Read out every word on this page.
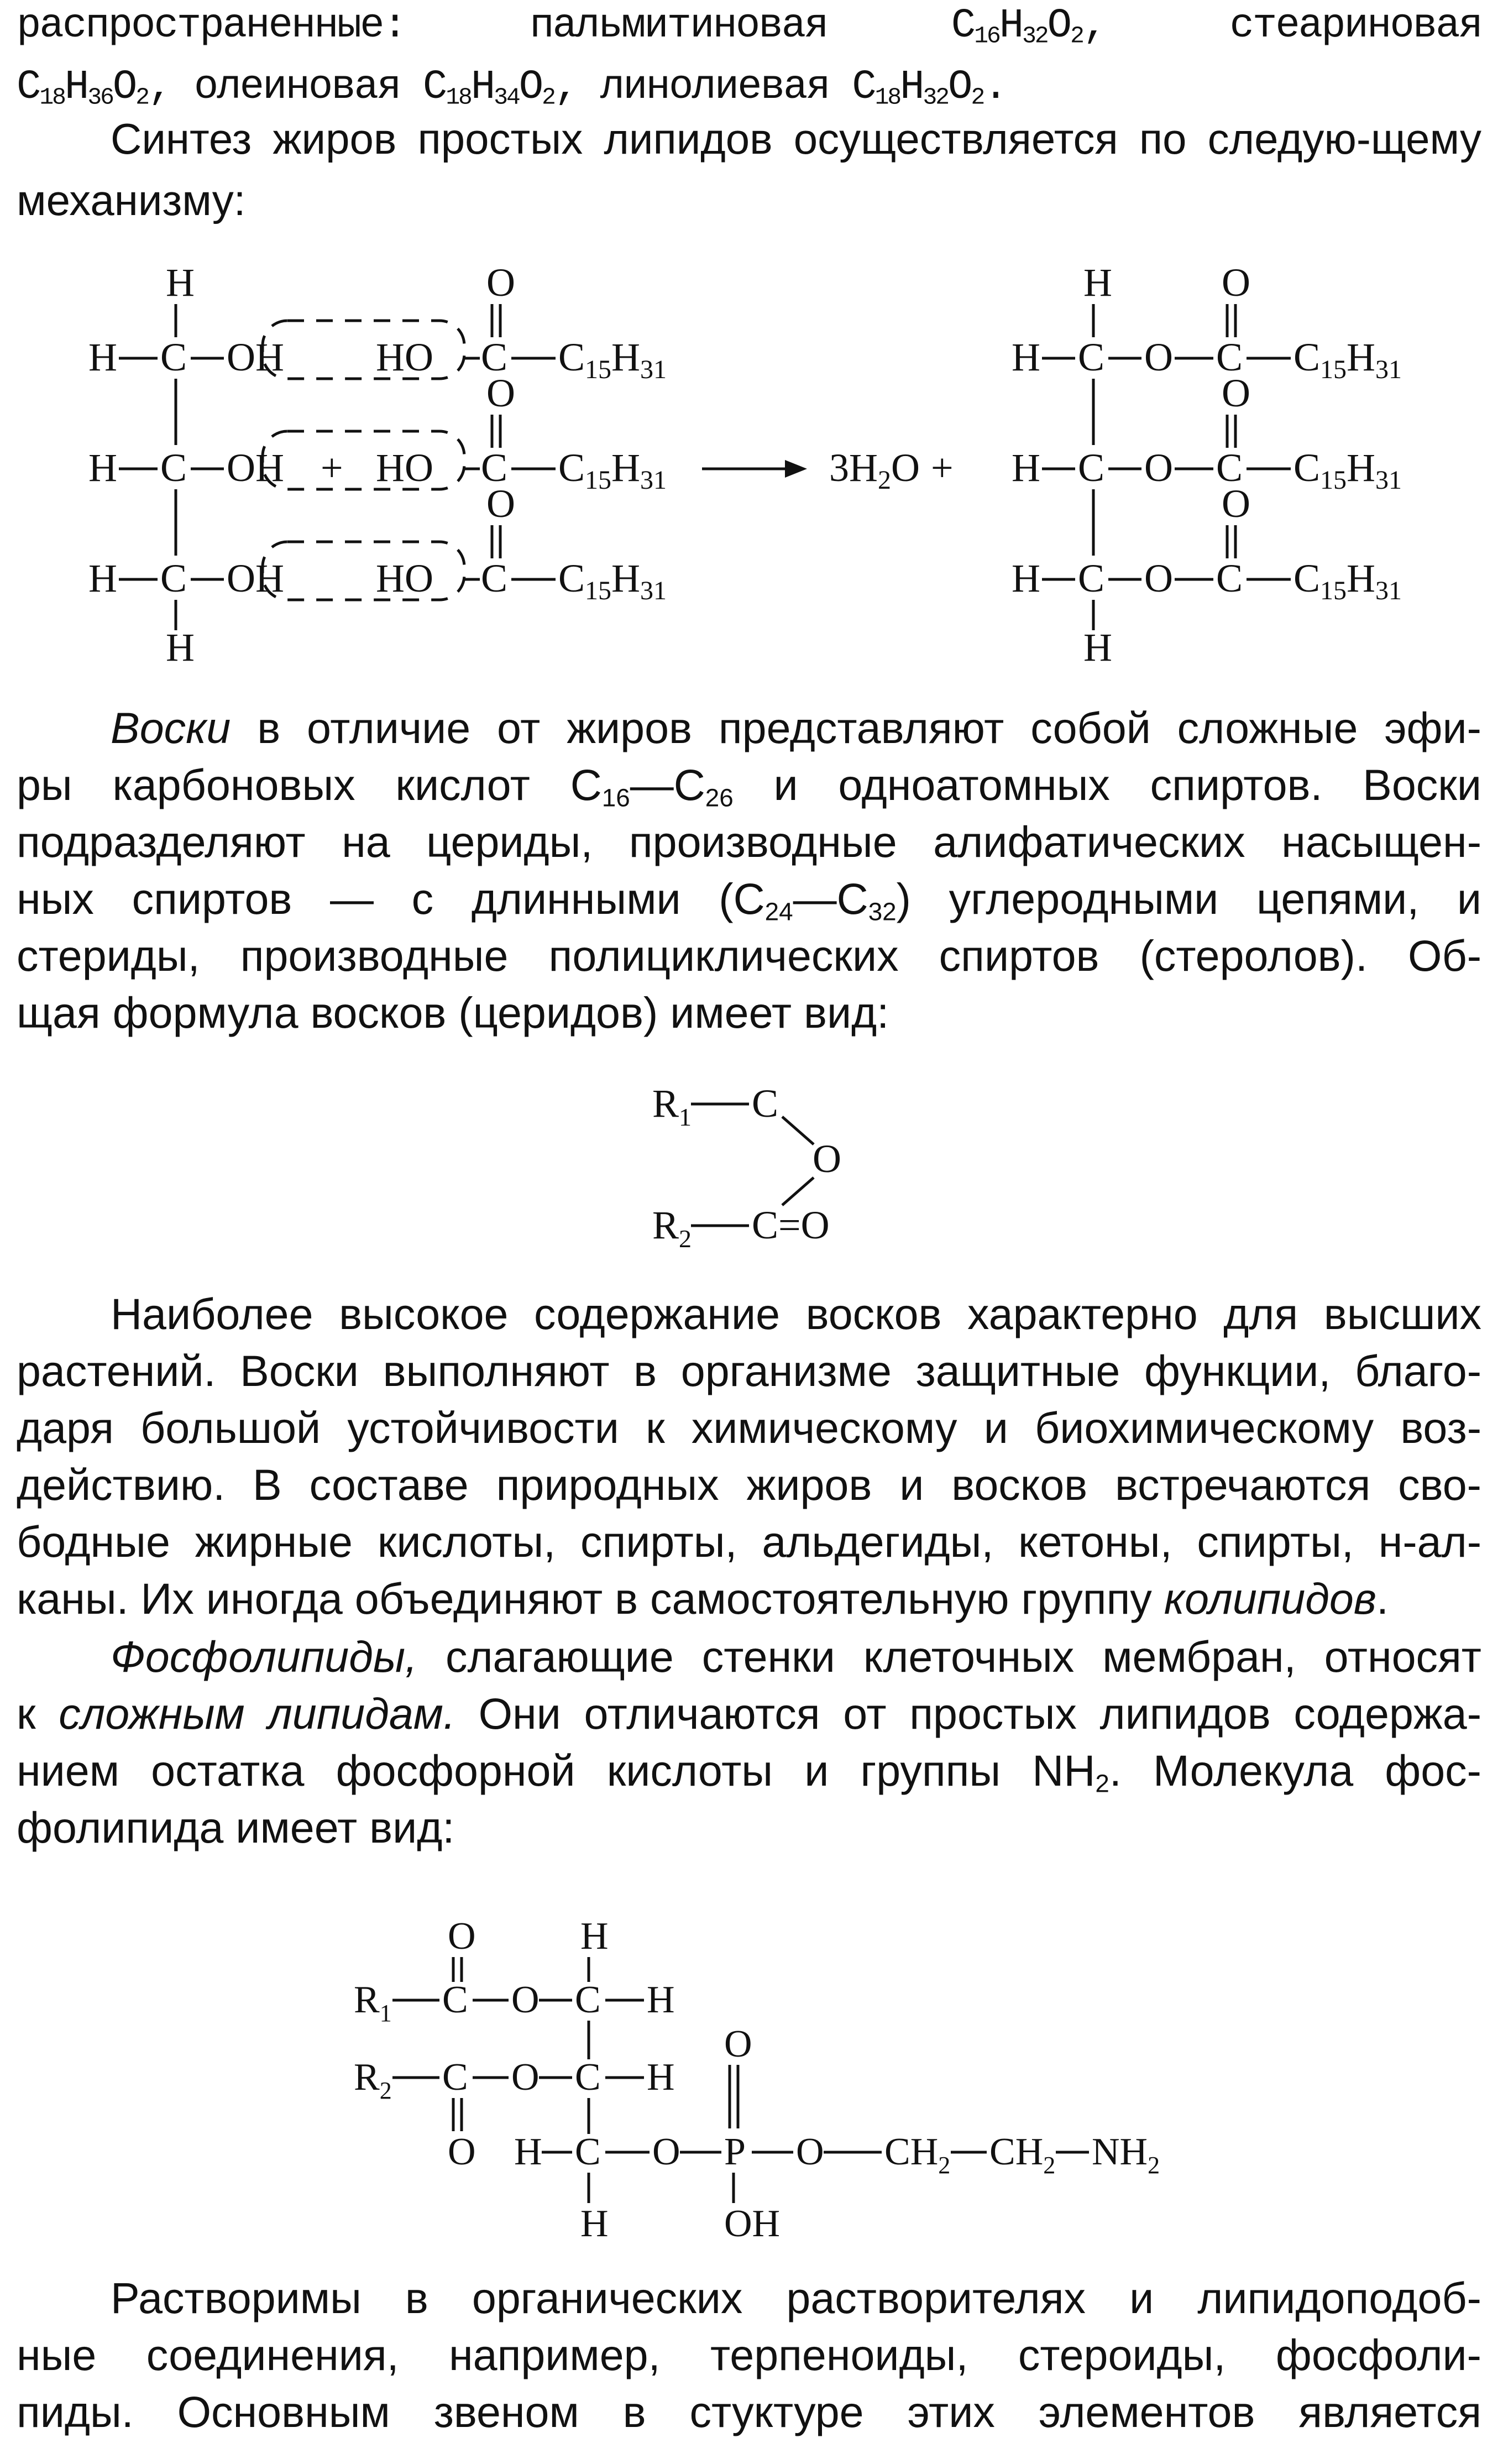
распространенные: пальмитиновая $C_{16}H_{32}O_2$, стеариновая
$C_{18}H_{36}O_2$, олеиновая $C_{18}H_{34}O_2$, линолиевая $C_{18}H_{32}O_2$.

Синтез жиров простых липидов осуществляется по следую-щему механизму:

H
H C OH
H C OH
H C OH
H
+
HO
HO
HO
O
O
O
C
C
C
C15H31
C15H31
C15H31
3H2O +
H
H C O C
O
H C O C
O
H C O C
O
H
C15H31
C15H31
C15H31

Воски в отличие от жиров представляют собой сложные эфи-
ры карбоновых кислот $C_{16}—C_{26}$ и одноатомных спиртов. Воски
подразделяют на цериды, производные алифатических насыщен-
ных спиртов — с длинными $(C_{24}—C_{32})$ углеродными цепями, и
стериды, производные полициклических спиртов (стеролов). Об-
щая формула восков (церидов) имеет вид:

$R_1$ C
O
$R_2$ C=O

Наиболее высокое содержание восков характерно для высших
растений. Воски выполняют в организме защитные функции, благо-
даря большой устойчивости к химическому и биохимическому воз-
действию. В составе природных жиров и восков встречаются сво-
бодные жирные кислоты, спирты, альдегиды, кетоны, спирты, н-ал-
каны. Их иногда объединяют в самостоятельную группу колипидов.

Фосфолипиды, слагающие стенки клеточных мембран, относят
к сложным липидам. Они отличаются от простых липидов содержа-
нием остатка фосфорной кислоты и группы $NH_2$. Молекула фос-
фолипида имеет вид:

O	H
$R_1$ C O C H
$R_2$ C O C H
O
O H C O P O $CH_2$ $CH_2$ $NH_2$
H	OH

Растворимы в органических растворителях и липидоподоб-
ные соединения, например, терпеноиды, стероиды, фосфоли-
пиды. Основным звеном в стуктуре этих элементов является
